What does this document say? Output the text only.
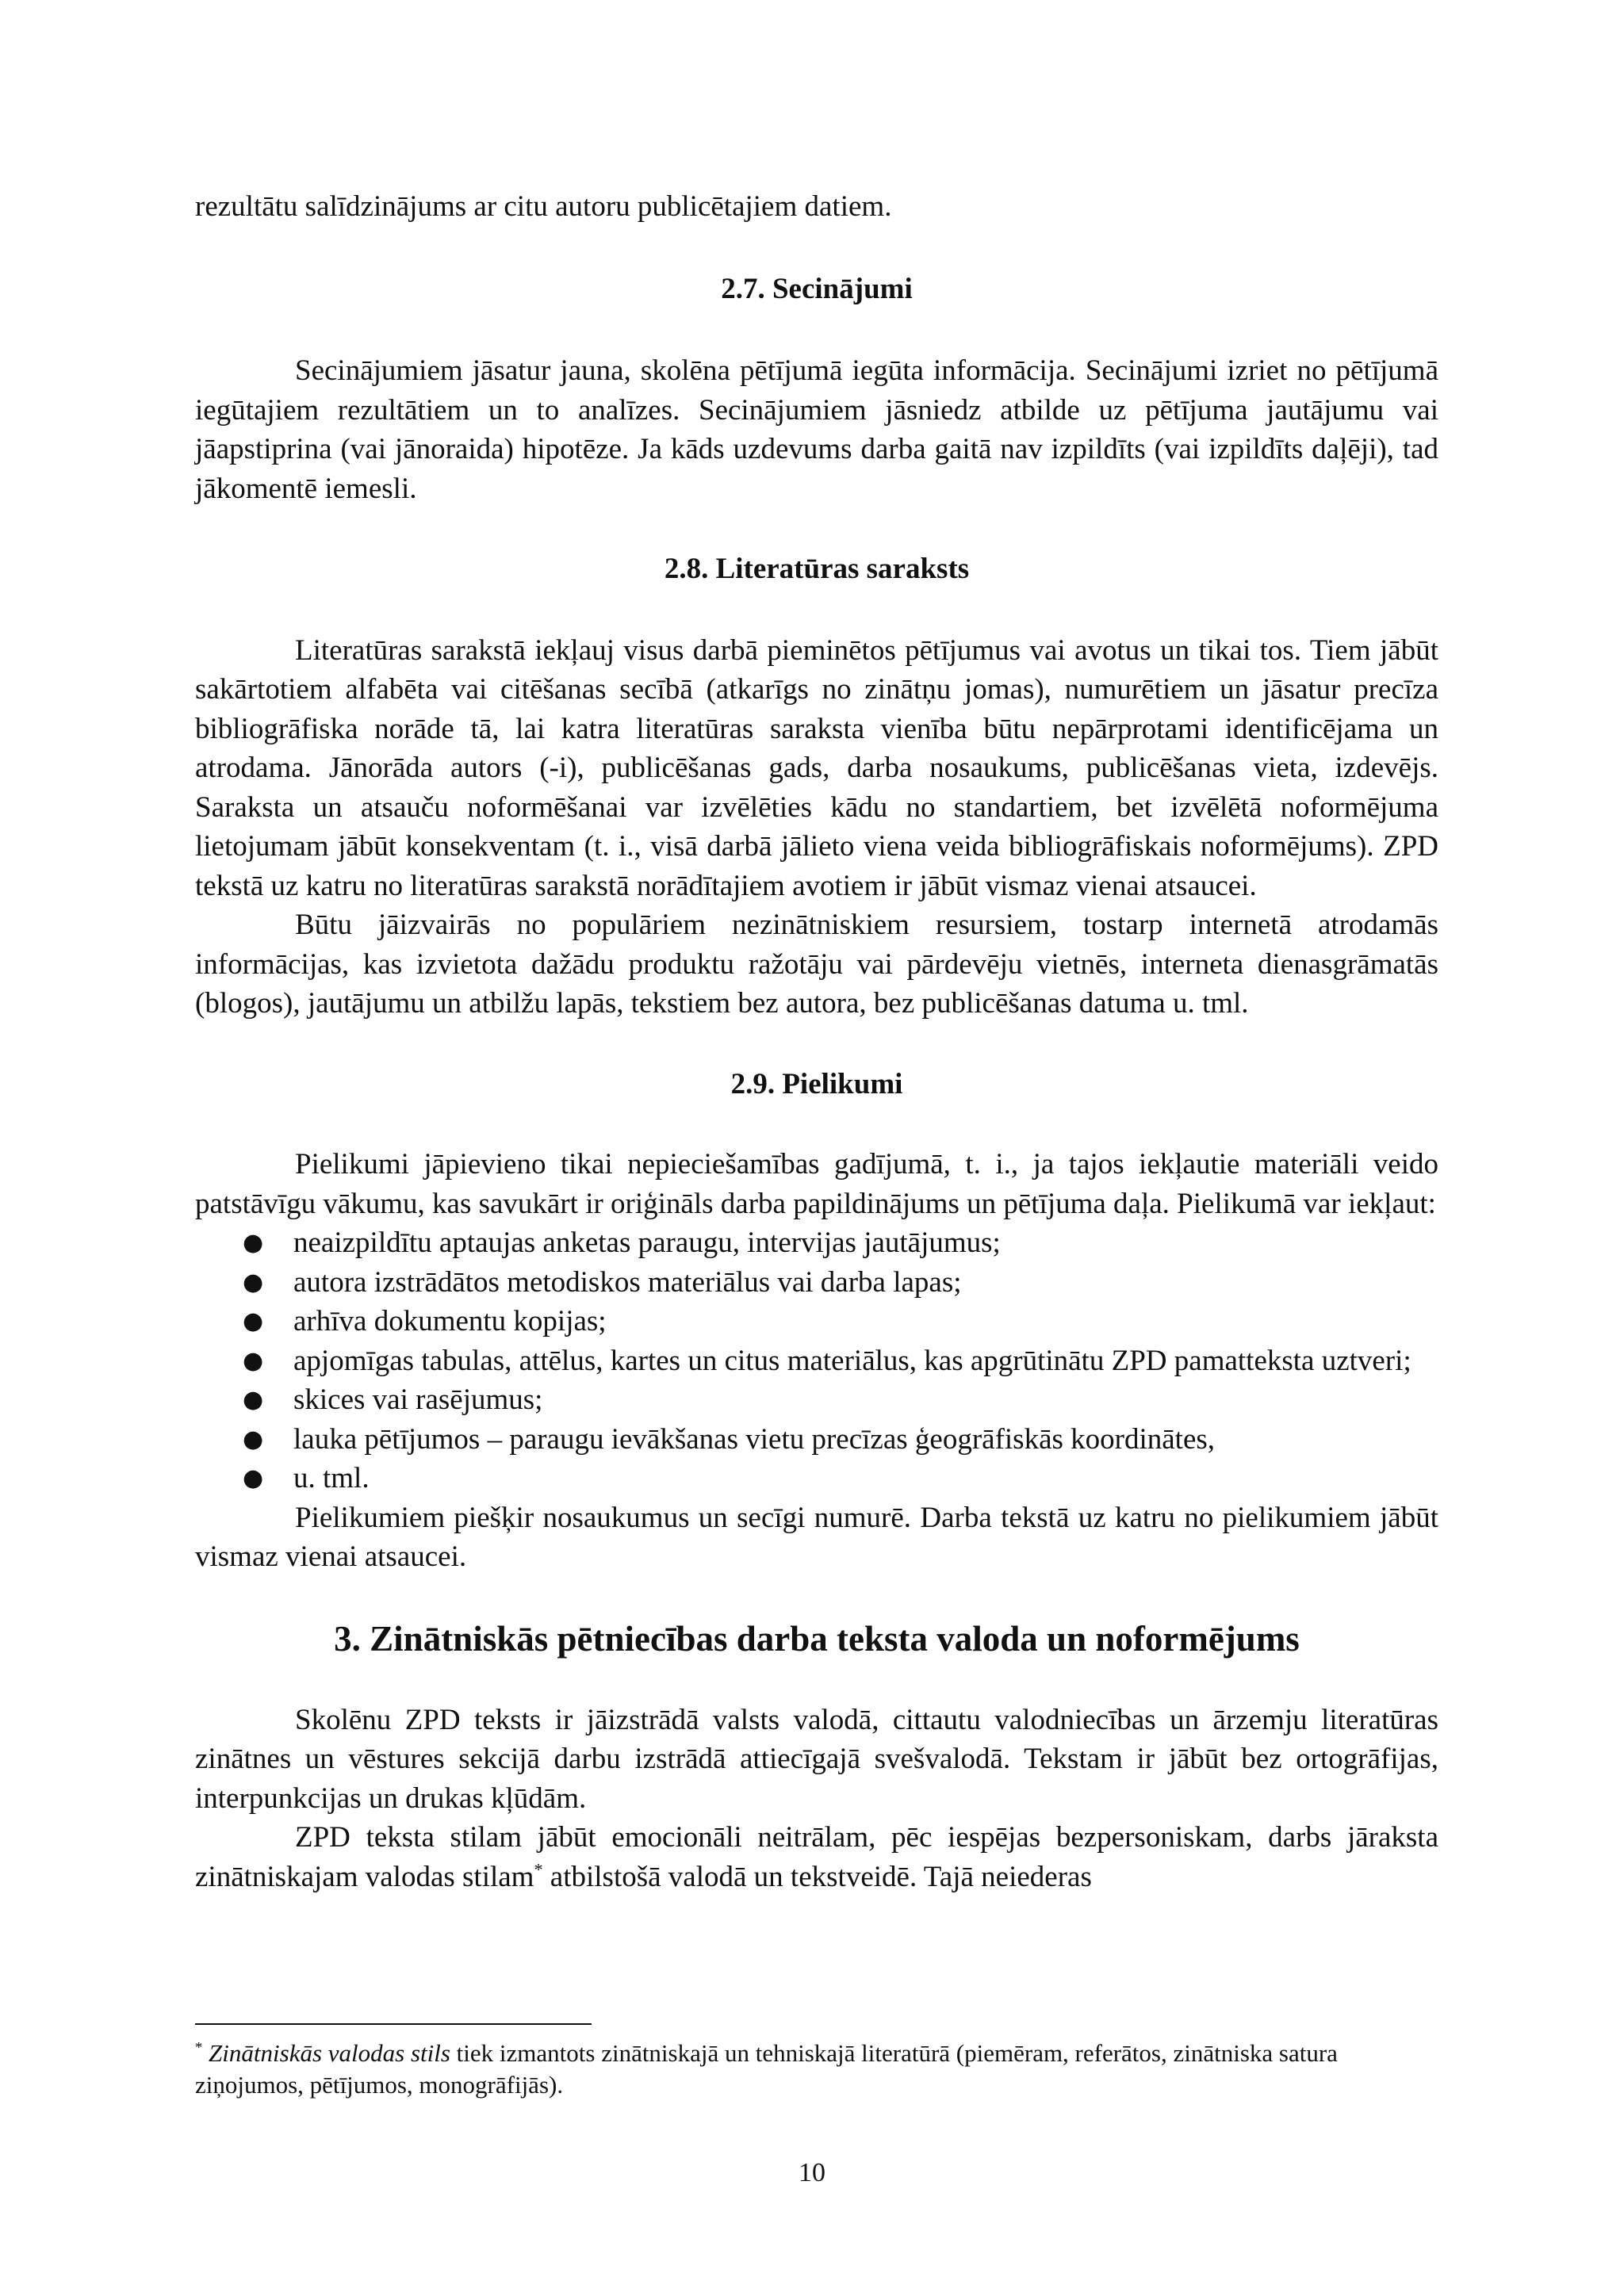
rezultātu salīdzinājums ar citu autoru publicētajiem datiem.

2.7. Secinājumi

Secinājumiem jāsatur jauna, skolēna pētījumā iegūta informācija. Secinājumi izriet no pētījumā iegūtajiem rezultātiem un to analīzes. Secinājumiem jāsniedz atbilde uz pētījuma jautājumu vai jāapstiprina (vai jānoraida) hipotēze. Ja kāds uzdevums darba gaitā nav izpildīts (vai izpildīts daļēji), tad jākomentē iemesli.

2.8. Literatūras saraksts

Literatūras sarakstā iekļauj visus darbā pieminētos pētījumus vai avotus un tikai tos. Tiem jābūt sakārtotiem alfabēta vai citēšanas secībā (atkarīgs no zinātņu jomas), numurētiem un jāsatur precīza bibliogrāfiska norāde tā, lai katra literatūras saraksta vienība būtu nepārprotami identificējama un atrodama. Jānorāda autors (-i), publicēšanas gads, darba nosaukums, publicēšanas vieta, izdevējs. Saraksta un atsauču noformēšanai var izvēlēties kādu no standartiem, bet izvēlētā noformējuma lietojumam jābūt konsekventam (t. i., visā darbā jālieto viena veida bibliogrāfiskais noformējums). ZPD tekstā uz katru no literatūras sarakstā norādītajiem avotiem ir jābūt vismaz vienai atsaucei.

Būtu jāizvairās no populāriem nezinātniskiem resursiem, tostarp internetā atrodamās informācijas, kas izvietota dažādu produktu ražotāju vai pārdevēju vietnēs, interneta dienasgrāmatās (blogos), jautājumu un atbilžu lapās, tekstiem bez autora, bez publicēšanas datuma u. tml.

2.9. Pielikumi

Pielikumi jāpievieno tikai nepieciešamības gadījumā, t. i., ja tajos iekļautie materiāli veido patstāvīgu vākumu, kas savukārt ir oriģināls darba papildinājums un pētījuma daļa. Pielikumā var iekļaut:

● neaizpildītu aptaujas anketas paraugu, intervijas jautājumus;
● autora izstrādātos metodiskos materiālus vai darba lapas;
● arhīva dokumentu kopijas;
● apjomīgas tabulas, attēlus, kartes un citus materiālus, kas apgrūtinātu ZPD pamatteksta uztveri;
● skices vai rasējumus;
● lauka pētījumos – paraugu ievākšanas vietu precīzas ģeogrāfiskās koordinātes,
● u. tml.

Pielikumiem piešķir nosaukumus un secīgi numurē. Darba tekstā uz katru no pielikumiem jābūt vismaz vienai atsaucei.

3. Zinātniskās pētniecības darba teksta valoda un noformējums

Skolēnu ZPD teksts ir jāizstrādā valsts valodā, cittautu valodniecības un ārzemju literatūras zinātnes un vēstures sekcijā darbu izstrādā attiecīgajā svešvalodā. Tekstam ir jābūt bez ortogrāfijas, interpunkcijas un drukas kļūdām.

ZPD teksta stilam jābūt emocionāli neitrālam, pēc iespējas bezpersoniskam, darbs jāraksta zinātniskajam valodas stilam* atbilstošā valodā un tekstveidē. Tajā neiederas

* Zinātniskās valodas stils tiek izmantots zinātniskajā un tehniskajā literatūrā (piemēram, referātos, zinātniska satura ziņojumos, pētījumos, monogrāfijās).
10
